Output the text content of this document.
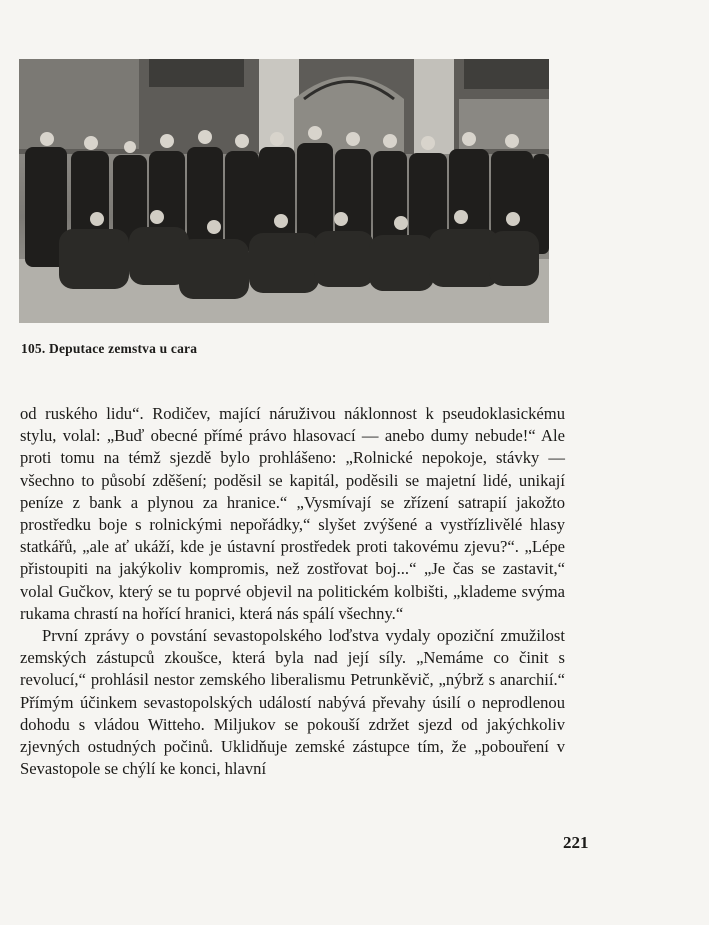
105. Deputace zemstva u cara

od ruského lidu“. Rodičev, mající náruživou náklonnost k pseudoklasickému stylu, volal: „Buď obecné přímé právo hlasovací — anebo dumy nebude!“ Ale proti tomu na témž sjezdě bylo prohlášeno: „Rolnické nepokoje, stávky — všechno to působí zděšení; poděsil se kapitál, poděsili se majetní lidé, unikají peníze z bank a plynou za hranice.“ „Vysmívají se zřízení satrapií jakožto prostředku boje s rolnickými nepořádky,“ slyšet zvýšené a vystřízlivělé hlasy statkářů, „ale ať ukáží, kde je ústavní prostředek proti takovému zjevu?“. „Lépe přistoupiti na jakýkoliv kompromis, než zostřovat boj...“ „Je čas se zastavit,“ volal Gučkov, který se tu poprvé objevil na politickém kolbišti, „klademe svýma rukama chrastí na hořící hranici, která nás spálí všechny.“

První zprávy o povstání sevastopolského loďstva vydaly opoziční zmužilost zemských zástupců zkoušce, která byla nad její síly. „Nemáme co činit s revolucí,“ prohlásil nestor zemského liberalismu Petrunkěvič, „nýbrž s anarchií.“ Přímým účinkem sevastopolských událostí nabývá převahy úsilí o neprodlenou dohodu s vládou Witteho. Miljukov se pokouší zdržet sjezd od jakýchkoliv zjevných ostudných počinů. Uklidňuje zemské zástupce tím, že „pobouření v Sevastopole se chýlí ke konci, hlavní

221
